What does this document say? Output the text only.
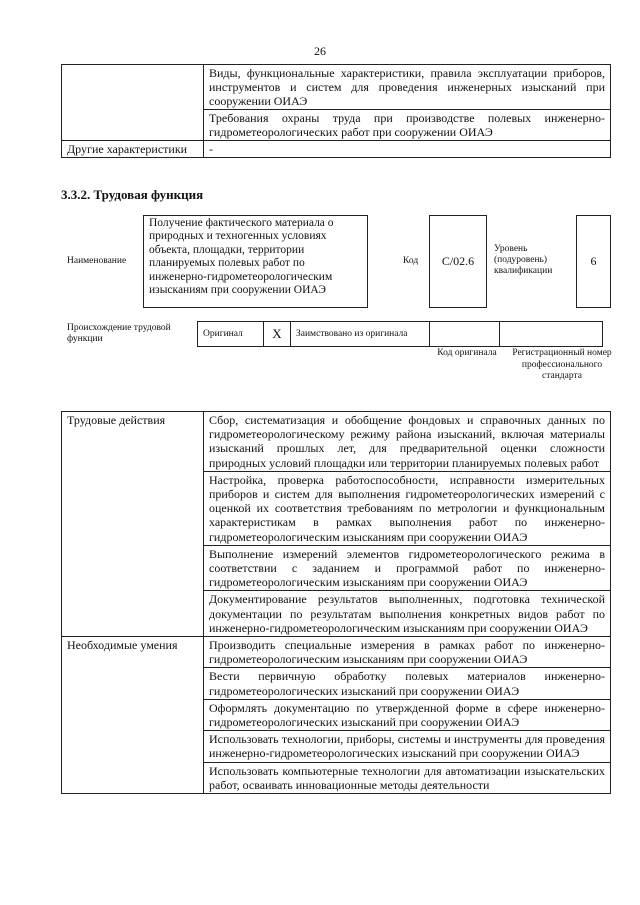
26
	Виды, функциональные характеристики, правила эксплуатации приборов, инструментов и систем для проведения инженерных изысканий при сооружении ОИАЭ
	Требования охраны труда при производстве полевых инженерно-гидрометеорологических работ при сооружении ОИАЭ
Другие характеристики	-
3.3.2. Трудовая функция
Наименование
Получение фактического материала о природных и техногенных условиях объекта, площадки, территории планируемых полевых работ по инженерно-гидрометеорологическим изысканиям при сооружении ОИАЭ
Код	C/02.6
Уровень (подуровень) квалификации
6
Происхождение трудовой функции	Оригинал	X	Заимствовано из оригинала
Код оригинала	Регистрационный номер профессионального стандарта
Трудовые действия	Сбор, систематизация и обобщение фондовых и справочных данных по гидрометеорологическому режиму района изысканий, включая материалы изысканий прошлых лет, для предварительной оценки сложности природных условий площадки или территории планируемых полевых работ
	Настройка, проверка работоспособности, исправности измерительных приборов и систем для выполнения гидрометеорологических измерений с оценкой их соответствия требованиям по метрологии и функциональным характеристикам в рамках выполнения работ по инженерно-гидрометеорологическим изысканиям при сооружении ОИАЭ
	Выполнение измерений элементов гидрометеорологического режима в соответствии с заданием и программой работ по инженерно-гидрометеорологическим изысканиям при сооружении ОИАЭ
	Документирование результатов выполненных, подготовка технической документации по результатам выполнения конкретных видов работ по инженерно-гидрометеорологическим изысканиям при сооружении ОИАЭ
Необходимые умения	Производить специальные измерения в рамках работ по инженерно-гидрометеорологическим изысканиям при сооружении ОИАЭ
	Вести первичную обработку полевых материалов инженерно-гидрометеорологических изысканий при сооружении ОИАЭ
	Оформлять документацию по утвержденной форме в сфере инженерно-гидрометеорологических изысканий при сооружении ОИАЭ
	Использовать технологии, приборы, системы и инструменты для проведения инженерно-гидрометеорологических изысканий при сооружении ОИАЭ
	Использовать компьютерные технологии для автоматизации изыскательских работ, осваивать инновационные методы деятельности
